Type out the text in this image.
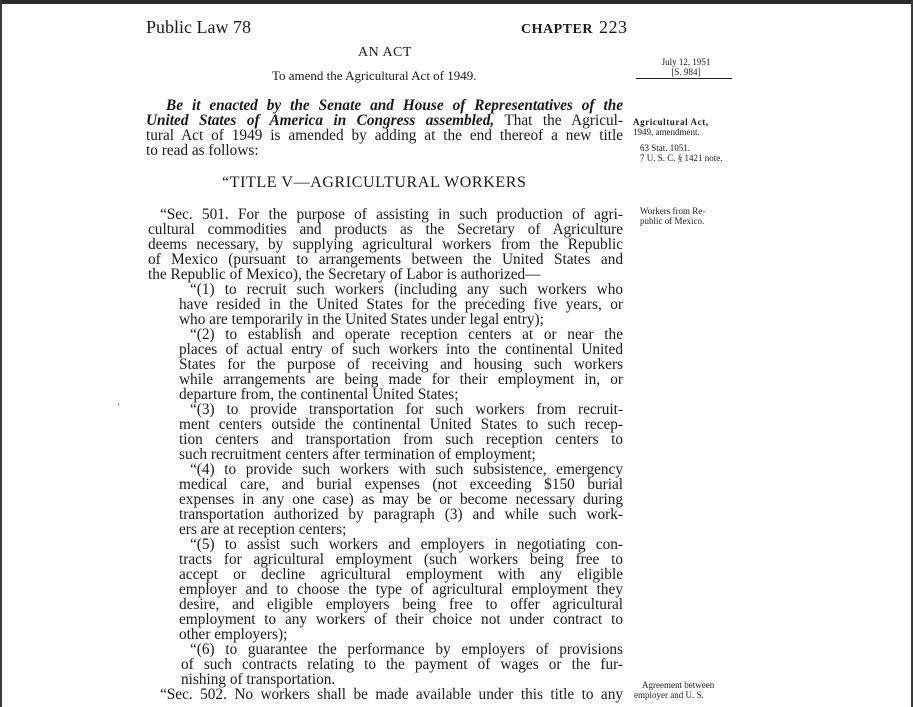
Public Law 78	CHAPTER 223
AN ACT
To amend the Agricultural Act of 1949.
July 12, 1951
[S. 984]
Agricultural Act,
1949, amendment.
63 Stat. 1051.
7 U. S. C. § 1421 note.
Workers from Re-
public of Mexico.
Agreement between
employer and U. S.
Be it enacted by the Senate and House of Representatives of the
United States of America in Congress assembled, That the Agricul-
tural Act of 1949 is amended by adding at the end thereof a new title
to read as follows:
“TITLE V—AGRICULTURAL WORKERS
“Sec. 501. For the purpose of assisting in such production of agri-
cultural commodities and products as the Secretary of Agriculture
deems necessary, by supplying agricultural workers from the Republic
of Mexico (pursuant to arrangements between the United States and
the Republic of Mexico), the Secretary of Labor is authorized—
“(1) to recruit such workers (including any such workers who
have resided in the United States for the preceding five years, or
who are temporarily in the United States under legal entry);
“(2) to establish and operate reception centers at or near the
places of actual entry of such workers into the continental United
States for the purpose of receiving and housing such workers
while arrangements are being made for their employment in, or
departure from, the continental United States;
“(3) to provide transportation for such workers from recruit-
ment centers outside the continental United States to such recep-
tion centers and transportation from such reception centers to
such recruitment centers after termination of employment;
“(4) to provide such workers with such subsistence, emergency
medical care, and burial expenses (not exceeding $150 burial
expenses in any one case) as may be or become necessary during
transportation authorized by paragraph (3) and while such work-
ers are at reception centers;
“(5) to assist such workers and employers in negotiating con-
tracts for agricultural employment (such workers being free to
accept or decline agricultural employment with any eligible
employer and to choose the type of agricultural employment they
desire, and eligible employers being free to offer agricultural
employment to any workers of their choice not under contract to
other employers);
“(6) to guarantee the performance by employers of provisions
of such contracts relating to the payment of wages or the fur-
nishing of transportation.
“Sec. 502. No workers shall be made available under this title to any
‘
